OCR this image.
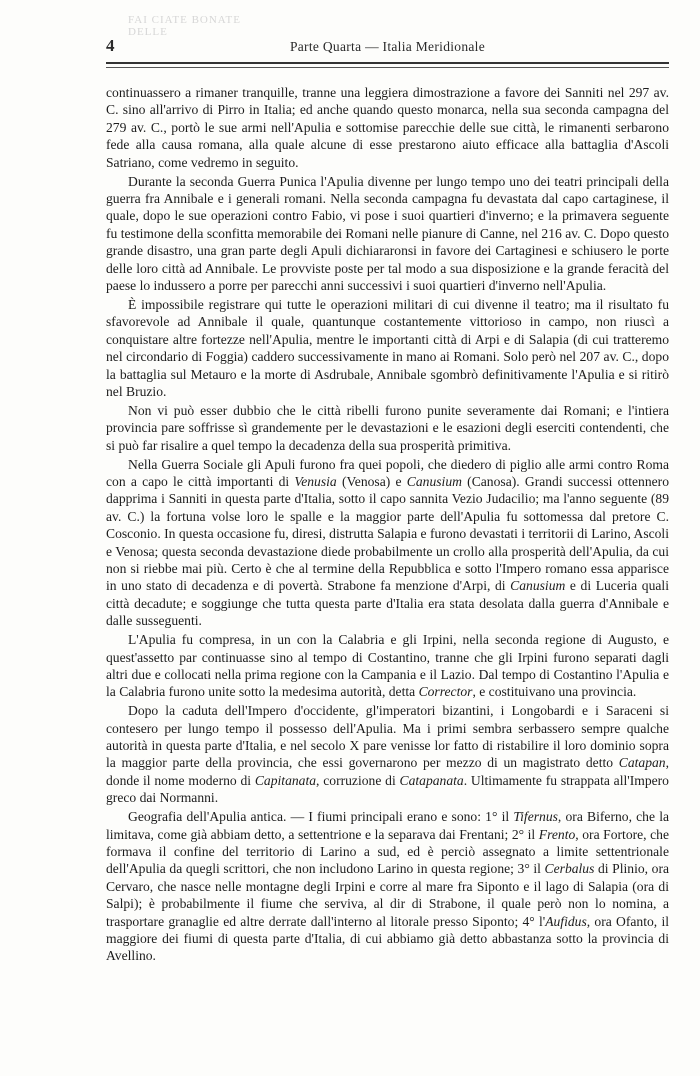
FAI CIATE BONATE DELLE
4	Parte Quarta — Italia Meridionale

continuassero a rimaner tranquille, tranne una leggiera dimostrazione a favore dei Sanniti nel 297 av. C. sino all'arrivo di Pirro in Italia; ed anche quando questo monarca, nella sua seconda campagna del 279 av. C., portò le sue armi nell'Apulia e sottomise parecchie delle sue città, le rimanenti serbarono fede alla causa romana, alla quale alcune di esse prestarono aiuto efficace alla battaglia d'Ascoli Satriano, come vedremo in seguito.

Durante la seconda Guerra Punica l'Apulia divenne per lungo tempo uno dei teatri principali della guerra fra Annibale e i generali romani. Nella seconda campagna fu devastata dal capo cartaginese, il quale, dopo le sue operazioni contro Fabio, vi pose i suoi quartieri d'inverno; e la primavera seguente fu testimone della sconfitta memorabile dei Romani nelle pianure di Canne, nel 216 av. C. Dopo questo grande disastro, una gran parte degli Apuli dichiararonsi in favore dei Cartaginesi e schiusero le porte delle loro città ad Annibale. Le provviste poste per tal modo a sua disposizione e la grande feracità del paese lo indussero a porre per parecchi anni successivi i suoi quartieri d'inverno nell'Apulia.

È impossibile registrare qui tutte le operazioni militari di cui divenne il teatro; ma il risultato fu sfavorevole ad Annibale il quale, quantunque costantemente vittorioso in campo, non riuscì a conquistare altre fortezze nell'Apulia, mentre le importanti città di Arpi e di Salapia (di cui tratteremo nel circondario di Foggia) caddero successivamente in mano ai Romani. Solo però nel 207 av. C., dopo la battaglia sul Metauro e la morte di Asdrubale, Annibale sgombrò definitivamente l'Apulia e si ritirò nel Bruzio.

Non vi può esser dubbio che le città ribelli furono punite severamente dai Romani; e l'intiera provincia pare soffrisse sì grandemente per le devastazioni e le esazioni degli eserciti contendenti, che si può far risalire a quel tempo la decadenza della sua prosperità primitiva.

Nella Guerra Sociale gli Apuli furono fra quei popoli, che diedero di piglio alle armi contro Roma con a capo le città importanti di Venusia (Venosa) e Canusium (Canosa). Grandi successi ottennero dapprima i Sanniti in questa parte d'Italia, sotto il capo sannita Vezio Judacilio; ma l'anno seguente (89 av. C.) la fortuna volse loro le spalle e la maggior parte dell'Apulia fu sottomessa dal pretore C. Cosconio. In questa occasione fu, diresi, distrutta Salapia e furono devastati i territorii di Larino, Ascoli e Venosa; questa seconda devastazione diede probabilmente un crollo alla prosperità dell'Apulia, da cui non si riebbe mai più. Certo è che al termine della Repubblica e sotto l'Impero romano essa apparisce in uno stato di decadenza e di povertà. Strabone fa menzione d'Arpi, di Canusium e di Luceria quali città decadute; e soggiunge che tutta questa parte d'Italia era stata desolata dalla guerra d'Annibale e dalle susseguenti.

L'Apulia fu compresa, in un con la Calabria e gli Irpini, nella seconda regione di Augusto, e quest'assetto par continuasse sino al tempo di Costantino, tranne che gli Irpini furono separati dagli altri due e collocati nella prima regione con la Campania e il Lazio. Dal tempo di Costantino l'Apulia e la Calabria furono unite sotto la medesima autorità, detta Corrector, e costituivano una provincia.

Dopo la caduta dell'Impero d'occidente, gl'imperatori bizantini, i Longobardi e i Saraceni si contesero per lungo tempo il possesso dell'Apulia. Ma i primi sembra serbassero sempre qualche autorità in questa parte d'Italia, e nel secolo X pare venisse lor fatto di ristabilire il loro dominio sopra la maggior parte della provincia, che essi governarono per mezzo di un magistrato detto Catapan, donde il nome moderno di Capitanata, corruzione di Catapanata. Ultimamente fu strappata all'Impero greco dai Normanni.

Geografia dell'Apulia antica. — I fiumi principali erano e sono: 1° il Tifernus, ora Biferno, che la limitava, come già abbiam detto, a settentrione e la separava dai Frentani; 2° il Frento, ora Fortore, che formava il confine del territorio di Larino a sud, ed è perciò assegnato a limite settentrionale dell'Apulia da quegli scrittori, che non includono Larino in questa regione; 3° il Cerbalus di Plinio, ora Cervaro, che nasce nelle montagne degli Irpini e corre al mare fra Siponto e il lago di Salapia (ora di Salpi); è probabilmente il fiume che serviva, al dir di Strabone, il quale però non lo nomina, a trasportare granaglie ed altre derrate dall'interno al litorale presso Siponto; 4° l'Aufidus, ora Ofanto, il maggiore dei fiumi di questa parte d'Italia, di cui abbiamo già detto abbastanza sotto la provincia di Avellino.
